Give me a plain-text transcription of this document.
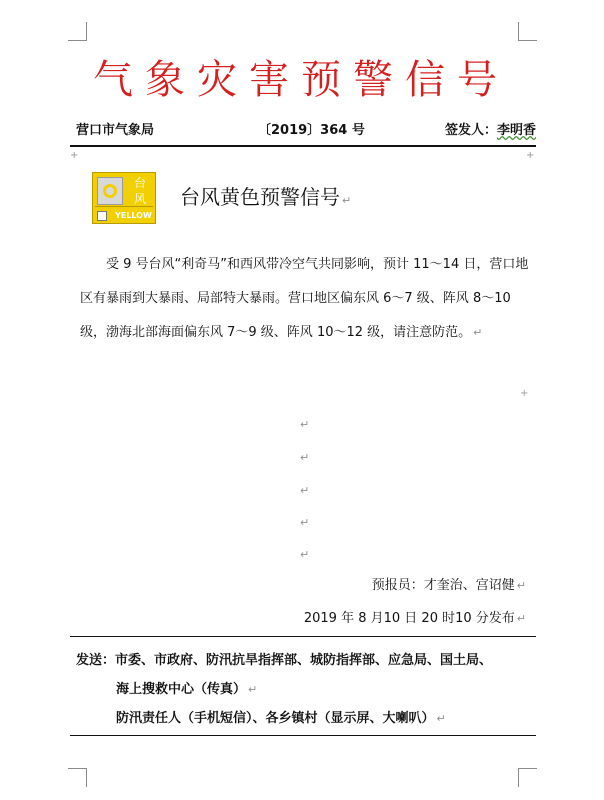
气象灾害预警信号
营口市气象局	〔2019〕364 号	签发人：李明香
+	+
+
台
风
YELLOW
台风黄色预警信号 ↵

受 9 号台风“利奇马”和西风带冷空气共同影响，预计 11～14 日，营口地区有暴雨到大暴雨、局部特大暴雨。营口地区偏东风 6～7 级、阵风 8～10 级，渤海北部海面偏东风 7～9 级、阵风 10～12 级，请注意防范。 ↵

↵
↵
↵
↵
↵
预报员：才奎治、宫诏健 ↵
2019 年 8 月10 日 20 时10 分发布 ↵
发送：市委、市政府、防汛抗旱指挥部、城防指挥部、应急局、国土局、
海上搜救中心（传真） ↵
防汛责任人（手机短信）、各乡镇村（显示屏、大喇叭） ↵
